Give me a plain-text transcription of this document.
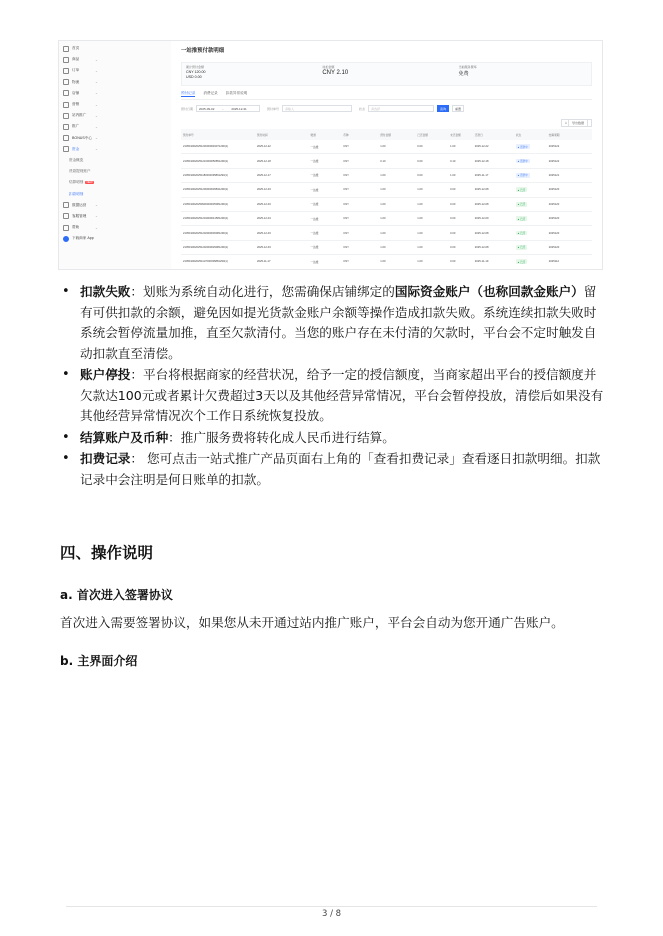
首页
商品	⌄
订单	⌄
物流	⌄
店铺	⌄
营销	⌄
站内推广	⌄
推广	⌄
BONUS中心 ⌄
资金	⌄
资金概览
货款提现账户
结算明细	NEW
扣款明细
数据运营	⌄
客服管理	⌄
帮助	⌄
下载商家 App
一站推预付款明细
累计预付金额
CNY 120.00
USD 0.00
待扣金额
CNY 2.10
当前服务费率
免费
预付记录 消费记录 扣款异常说明
预付日期 2025-09-02	-	2025-12-31	预付单号	请输入	状态	请选择	查询	重置
⇩ 导出数据
预付单号	预付时间	渠道	币种	预付金额	已还金额	未还金额	还款日	状态	结算周期
2105190020251230000049071290(1)	2025-12-22	一站推	CNY	1.00	0.00	1.00	2025-12-22	● 还款中	2025122
2105190020251216000050851290(1)	2025-12-18	一站推	CNY	0.10	0.00	0.10	2025-12-18	● 还款中	2025122
2105190020251180000035891290(1)	2025-12-17	一站推	CNY	1.00	0.00	1.00	2025-11-17	● 还款中	2025121
2105190020251206000039831290(1)	2025-12-03	一站推	CNY	1.00	1.00	0.00	2025-12-08	● 已还	2025120
2105190020250930000035081290(1)	2025-12-03	一站推	CNY	1.00	1.00	0.00	2025-12-08	● 已还	2025120
2105190020251204000041581290(1)	2025-12-04	一站推	CNY	1.00	1.00	0.00	2025-12-09	● 已还	2025120
2105190020251202000036081290(1)	2025-12-03	一站推	CNY	1.00	1.00	0.00	2025-12-08	● 已还	2025120
2105190020251202000029081290(1)	2025-12-03	一站推	CNY	1.00	1.00	0.00	2025-12-08	● 已还	2025120
2105190020251117000036881290(1)	2025-11-17	一站推	CNY	1.00	1.00	0.00	2025-11-19	● 已还	2025112

• 扣款失败：划账为系统自动化进行，您需确保店铺绑定的国际资金账户（也称回款金账户）留有可供扣款的余额，避免因如提光货款金账户余额等操作造成扣款失败。系统连续扣款失败时系统会暂停流量加推，直至欠款清付。当您的账户存在未付清的欠款时，平台会不定时触发自动扣款直至清偿。
• 账户停投：平台将根据商家的经营状况，给予一定的授信额度，当商家超出平台的授信额度并欠款达100元或者累计欠费超过3天以及其他经营异常情况，平台会暂停投放，清偿后如果没有其他经营异常情况次个工作日系统恢复投放。
• 结算账户及币种：推广服务费将转化成人民币进行结算。
• 扣费记录： 您可点击一站式推广产品页面右上角的「查看扣费记录」查看逐日扣款明细。扣款记录中会注明是何日账单的扣款。
四、操作说明
a. 首次进入签署协议

首次进入需要签署协议，如果您从未开通过站内推广账户，平台会自动为您开通广告账户。

b. 主界面介绍
3 / 8
